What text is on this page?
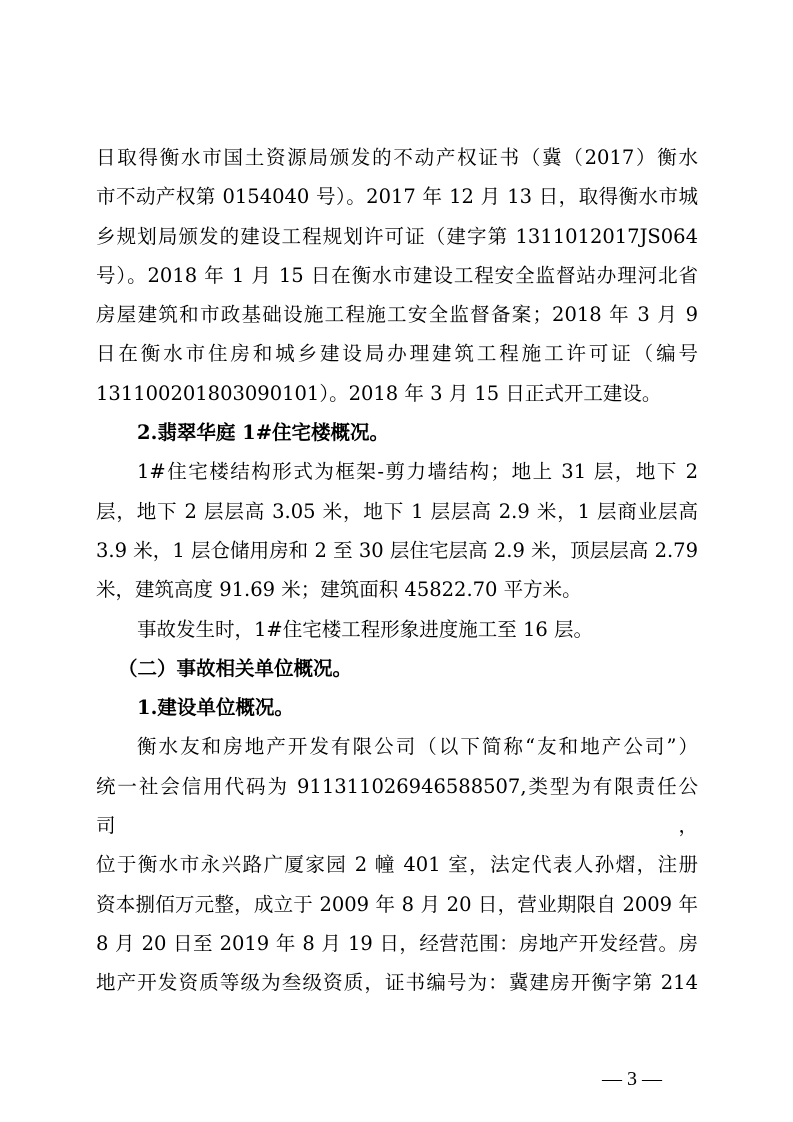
日取得衡水市国土资源局颁发的不动产权证书（冀（2017）衡水
市不动产权第 0154040 号）。2017 年 12 月 13 日，取得衡水市城
乡规划局颁发的建设工程规划许可证（建字第 1311012017JS064
号）。2018 年 1 月 15 日在衡水市建设工程安全监督站办理河北省
房屋建筑和市政基础设施工程施工安全监督备案；2018 年 3 月 9
日在衡水市住房和城乡建设局办理建筑工程施工许可证（编号
131100201803090101）。2018 年 3 月 15 日正式开工建设。
2.翡翠华庭 1#住宅楼概况。
1#住宅楼结构形式为框架-剪力墙结构；地上 31 层，地下 2
层，地下 2 层层高 3.05 米，地下 1 层层高 2.9 米，1 层商业层高
3.9 米，1 层仓储用房和 2 至 30 层住宅层高 2.9 米，顶层层高 2.79
米，建筑高度 91.69 米；建筑面积 45822.70 平方米。
事故发生时，1#住宅楼工程形象进度施工至 16 层。
（二）事故相关单位概况。
1.建设单位概况。
衡水友和房地产开发有限公司（以下简称“友和地产公司”）
统一社会信用代码为 911311026946588507,类型为有限责任公司，
位于衡水市永兴路广厦家园 2 幢 401 室，法定代表人孙熠，注册
资本捌佰万元整，成立于 2009 年 8 月 20 日，营业期限自 2009 年
8 月 20 日至 2019 年 8 月 19 日，经营范围：房地产开发经营。房
地产开发资质等级为叁级资质，证书编号为：冀建房开衡字第 214
— 3 —
